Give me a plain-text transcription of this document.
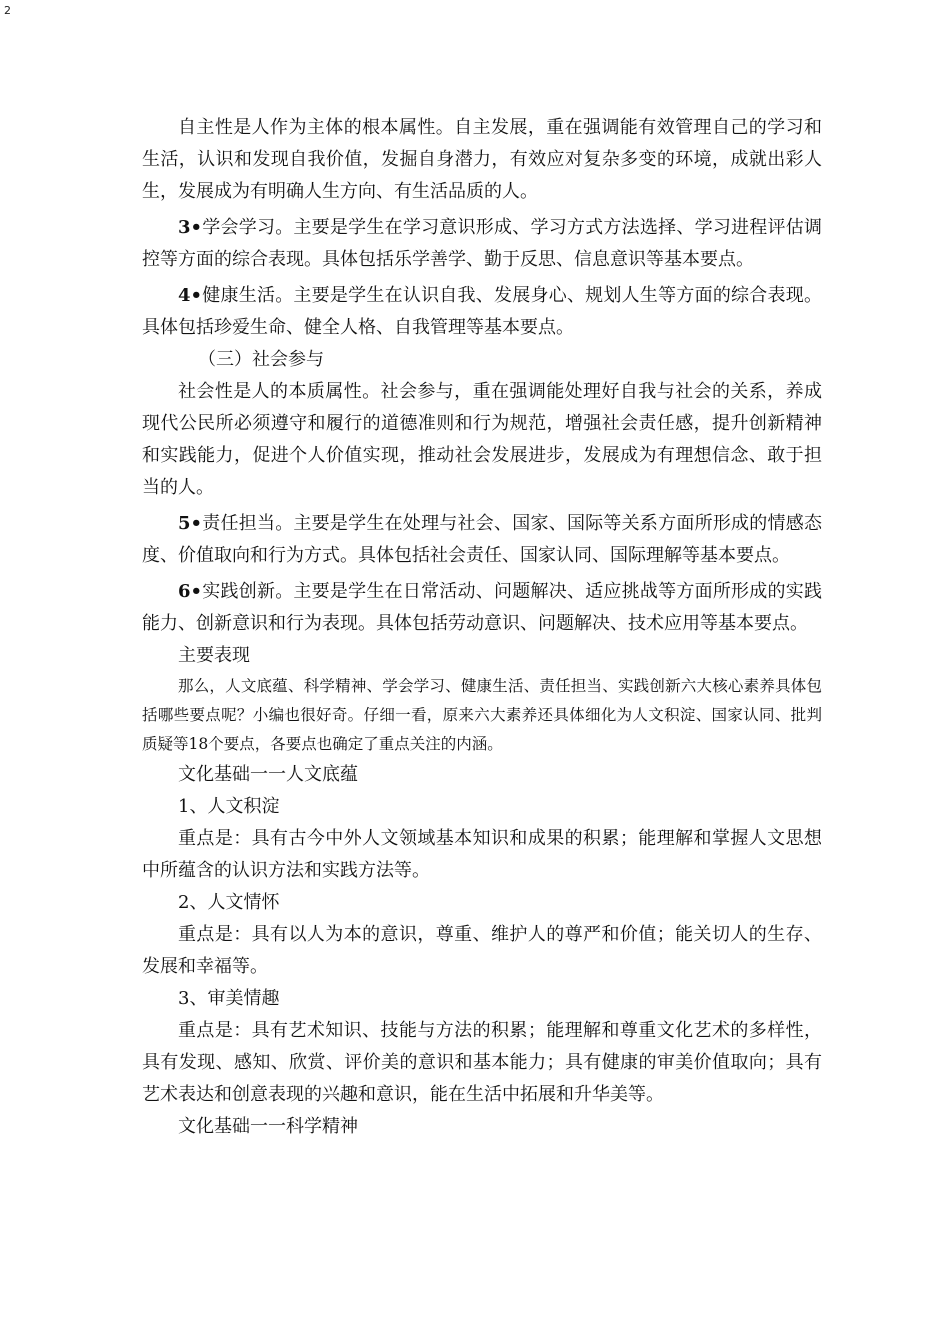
2

自主性是人作为主体的根本属性。自主发展，重在强调能有效管理自己的学习和生活，认识和发现自我价值，发掘自身潜力，有效应对复杂多变的环境，成就出彩人生，发展成为有明确人生方向、有生活品质的人。

3•学会学习。主要是学生在学习意识形成、学习方式方法选择、学习进程评估调控等方面的综合表现。具体包括乐学善学、勤于反思、信息意识等基本要点。

4•健康生活。主要是学生在认识自我、发展身心、规划人生等方面的综合表现。具体包括珍爱生命、健全人格、自我管理等基本要点。

（三）社会参与

社会性是人的本质属性。社会参与，重在强调能处理好自我与社会的关系，养成现代公民所必须遵守和履行的道德准则和行为规范，增强社会责任感，提升创新精神和实践能力，促进个人价值实现，推动社会发展进步，发展成为有理想信念、敢于担当的人。

5•责任担当。主要是学生在处理与社会、国家、国际等关系方面所形成的情感态度、价值取向和行为方式。具体包括社会责任、国家认同、国际理解等基本要点。

6•实践创新。主要是学生在日常活动、问题解决、适应挑战等方面所形成的实践能力、创新意识和行为表现。具体包括劳动意识、问题解决、技术应用等基本要点。

主要表现

那么，人文底蕴、科学精神、学会学习、健康生活、责任担当、实践创新六大核心素养具体包括哪些要点呢？小编也很好奇。仔细一看，原来六大素养还具体细化为人文积淀、国家认同、批判质疑等18个要点，各要点也确定了重点关注的内涵。

文化基础一一人文底蕴

1、人文积淀

重点是：具有古今中外人文领域基本知识和成果的积累；能理解和掌握人文思想中所蕴含的认识方法和实践方法等。

2、人文情怀

重点是：具有以人为本的意识，尊重、维护人的尊严和价值；能关切人的生存、发展和幸福等。

3、审美情趣

重点是：具有艺术知识、技能与方法的积累；能理解和尊重文化艺术的多样性，具有发现、感知、欣赏、评价美的意识和基本能力；具有健康的审美价值取向；具有艺术表达和创意表现的兴趣和意识，能在生活中拓展和升华美等。

文化基础一一科学精神
